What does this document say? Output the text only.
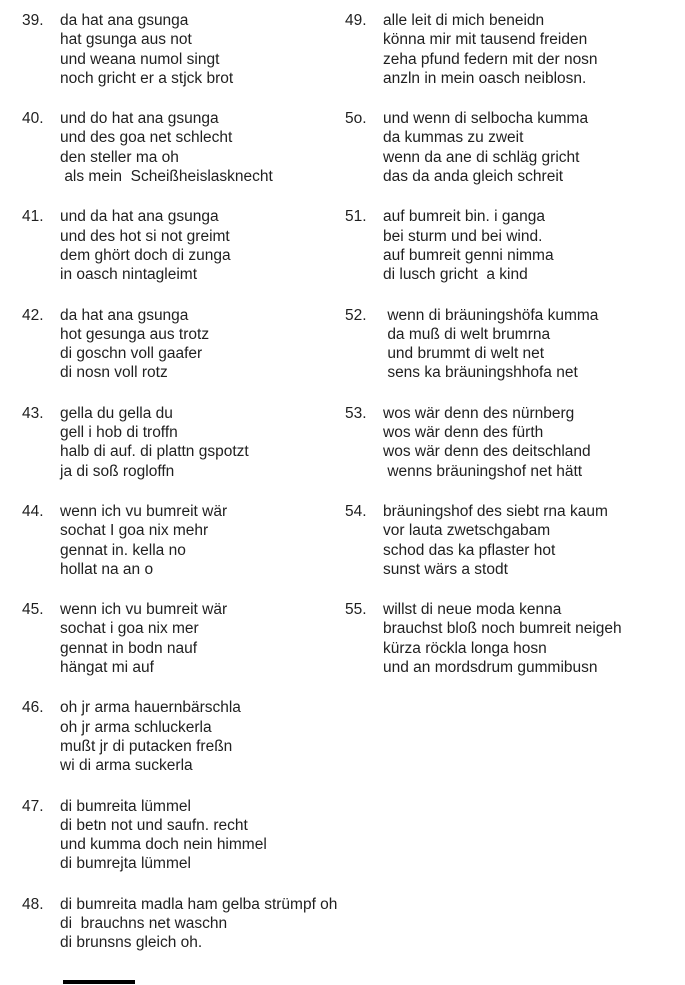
39.	da hat ana gsunga
hat gsunga aus not
und weana numol singt
noch gricht er a stjck brot
40.	und do hat ana gsunga
und des goa net schlecht
den steller ma oh
als mein  Scheißheislasknecht
41.	und da hat ana gsunga
und des hot si not greimt
dem ghört doch di zunga
in oasch nintagleimt
42.	da hat ana gsunga
hot gesunga aus trotz
di goschn voll gaafer
di nosn voll rotz
43.	gella du gella du
gell i hob di troffn
halb di auf. di plattn gspotzt
ja di soß rogloffn
44.	wenn ich vu bumreit wär
sochat I goa nix mehr
gennat in. kella no
hollat na an o
45.	wenn ich vu bumreit wär
sochat i goa nix mer
gennat in bodn nauf
hängat mi auf
46.	oh jr arma hauernbärschla
oh jr arma schluckerla
mußt jr di putacken freßn
wi di arma suckerla
47.	di bumreita lümmel
di betn not und saufn. recht
und kumma doch nein himmel
di bumrejta lümmel
48.	di bumreita madla ham gelba strümpf oh
di  brauchns net waschn
di brunsns gleich oh.
49.	alle leit di mich beneidn
könna mir mit tausend freiden
zeha pfund federn mit der nosn
anzln in mein oasch neiblosn.
5o.	und wenn di selbocha kumma
da kummas zu zweit
wenn da ane di schläg gricht
das da anda gleich schreit
51.	auf bumreit bin. i ganga
bei sturm und bei wind.
auf bumreit genni nimma
di lusch gricht  a kind
52.	wenn di bräuningshöfa kumma
da muß di welt brumrna
und brummt di welt net
sens ka bräuningshhofa net
53.	wos wär denn des nürnberg
wos wär denn des fürth
wos wär denn des deitschland
wenns bräuningshof net hätt
54.	bräuningshof des siebt rna kaum
vor lauta zwetschgabam
schod das ka pflaster hot
sunst wärs a stodt
55.	willst di neue moda kenna
brauchst bloß noch bumreit neigeh
kürza röckla longa hosn
und an mordsdrum gummibusn
